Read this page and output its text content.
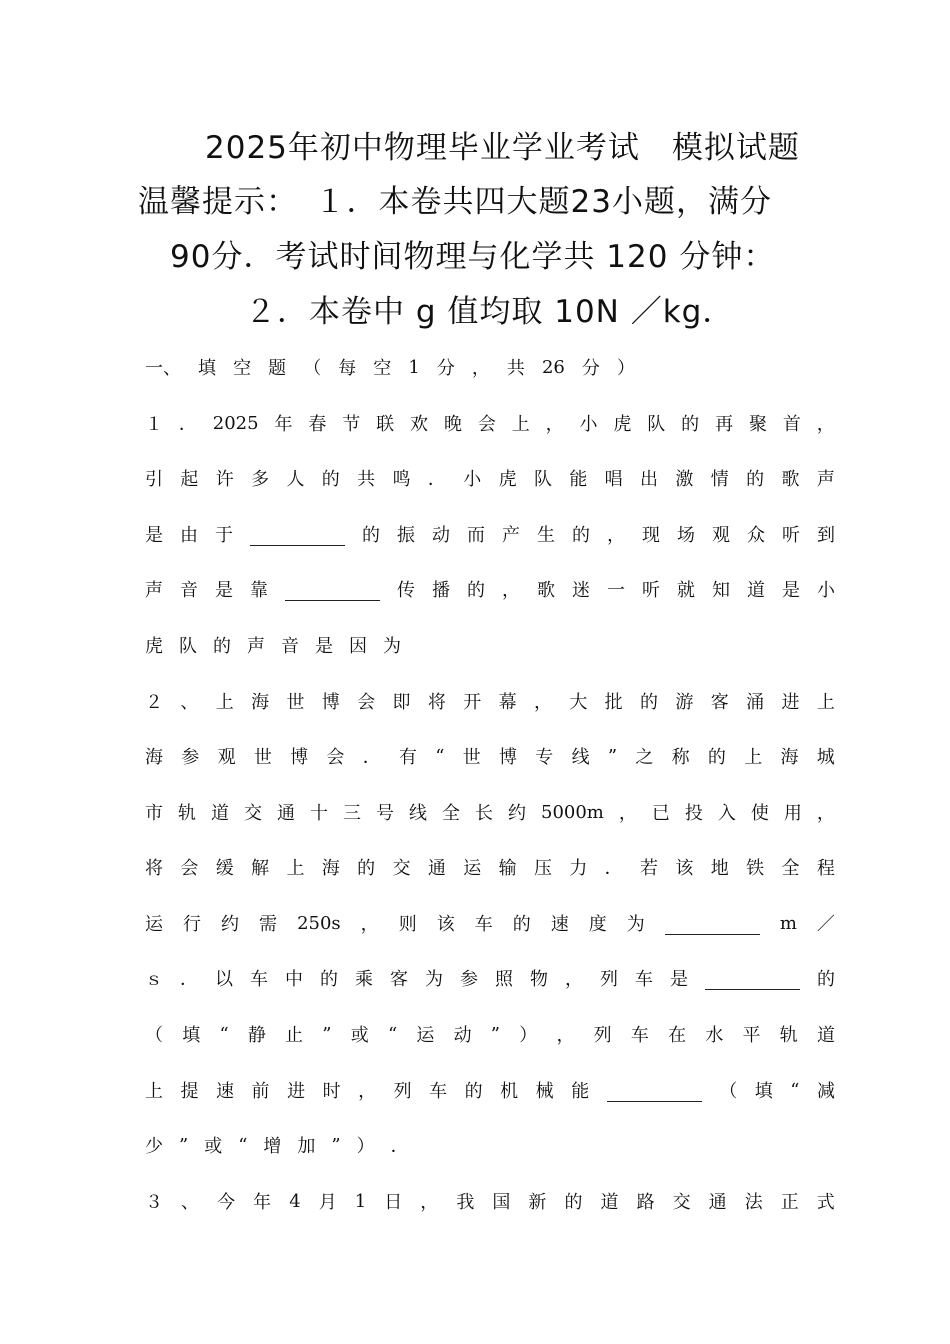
2025年初中物理毕业学业考试　模拟试题
温馨提示：　１．本卷共四大题23小题，满分
90分．考试时间物理与化学共 120 分钟：
２．本卷中 g 值均取 10N ／kg．
一、 填 空 题 （ 每 空 1 分 ， 共 26 分 ）
１ ． 2025 年 春 节 联 欢 晚 会 上 ， 小 虎 队 的 再 聚 首 ，
引 起 许 多 人 的 共 鸣 ． 小 虎 队 能 唱 出 激 情 的 歌 声
是 由 于	的 振 动 而 产 生 的 ， 现 场 观 众 听 到
声 音 是 靠	传 播 的 ， 歌 迷 一 听 就 知 道 是 小
虎 队 的 声 音 是 因 为
２ 、 上 海 世 博 会 即 将 开 幕 ， 大 批 的 游 客 涌 进 上
海 参 观 世 博 会 ． 有 “ 世 博 专 线 ” 之 称 的 上 海 城
市 轨 道 交 通 十 三 号 线 全 长 约 5000m ， 已 投 入 使 用 ，
将 会 缓 解 上 海 的 交 通 运 输 压 力 ． 若 该 地 铁 全 程
运 行 约 需 250s ， 则 该 车 的 速 度 为	m ／
ｓ ． 以 车 中 的 乘 客 为 参 照 物 ， 列 车 是	的
（ 填 “ 静 止 ” 或 “ 运 动 ” ） ， 列 车 在 水 平 轨 道
上 提 速 前 进 时 ， 列 车 的 机 械 能	（ 填 “ 减
少 ” 或 “ 增 加 ” ） ．
３ 、 今 年 4 月 1 日 ， 我 国 新 的 道 路 交 通 法 正 式
